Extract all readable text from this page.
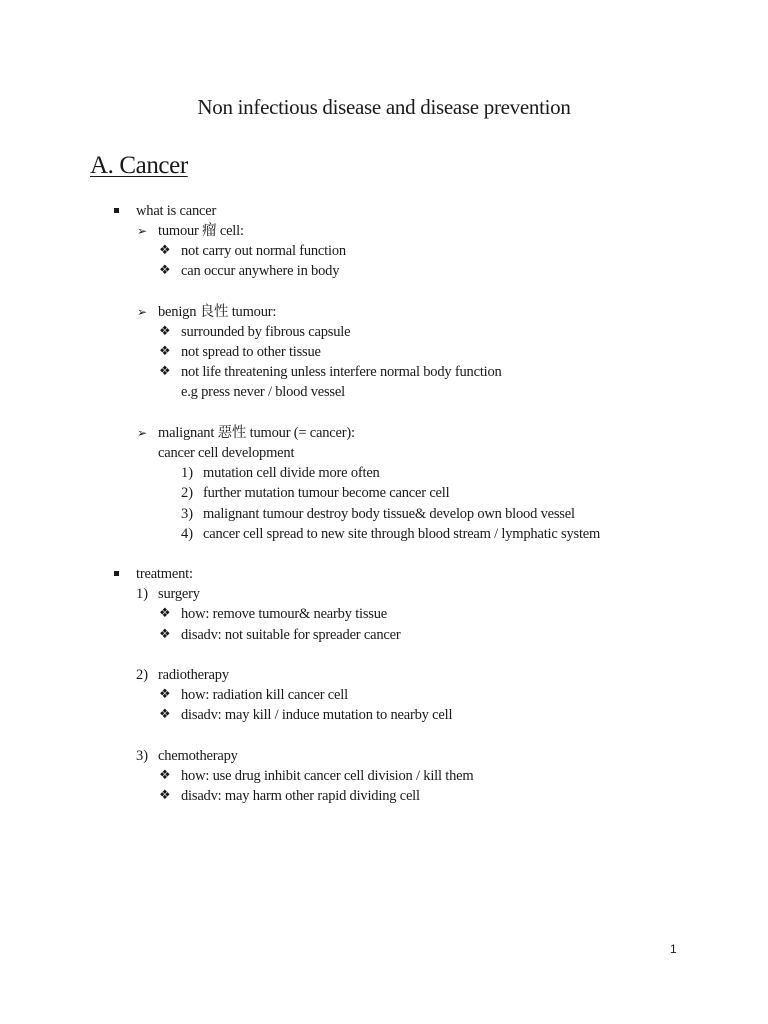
Non infectious disease and disease prevention
A. Cancer
what is cancer
➢ tumour 瘤 cell:
❖ not carry out normal function
❖ can occur anywhere in body
➢ benign 良性 tumour:
❖ surrounded by fibrous capsule
❖ not spread to other tissue
❖ not life threatening unless interfere normal body function
e.g press never / blood vessel
➢ malignant 惡性 tumour (= cancer):
cancer cell development
1) mutation cell divide more often
2) further mutation tumour become cancer cell
3) malignant tumour destroy body tissue& develop own blood vessel
4) cancer cell spread to new site through blood stream / lymphatic system
treatment:
1) surgery
❖ how: remove tumour& nearby tissue
❖ disadv: not suitable for spreader cancer
2) radiotherapy
❖ how: radiation kill cancer cell
❖ disadv: may kill / induce mutation to nearby cell
3) chemotherapy
❖ how: use drug inhibit cancer cell division / kill them
❖ disadv: may harm other rapid dividing cell
1
